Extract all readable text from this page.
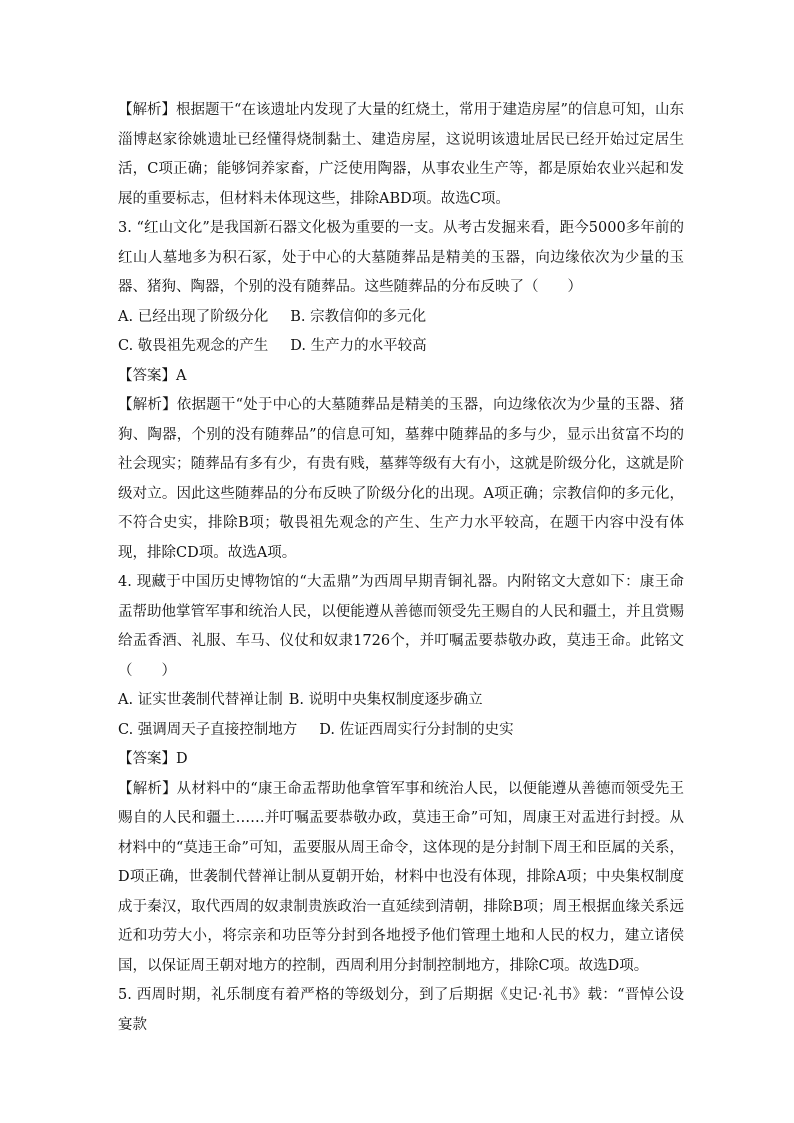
【解析】根据题干“在该遗址内发现了大量的红烧土，常用于建造房屋”的信息可知，山东淄博赵家徐姚遗址已经懂得烧制黏土、建造房屋，这说明该遗址居民已经开始过定居生活，C项正确；能够饲养家畜，广泛使用陶器，从事农业生产等，都是原始农业兴起和发展的重要标志，但材料未体现这些，排除ABD项。故选C项。

3. “红山文化”是我国新石器文化极为重要的一支。从考古发掘来看，距今5000多年前的红山人墓地多为积石冢，处于中心的大墓随葬品是精美的玉器，向边缘依次为少量的玉器、猪狗、陶器，个别的没有随葬品。这些随葬品的分布反映了（　　）

A. 已经出现了阶级分化 B. 宗教信仰的多元化
C. 敬畏祖先观念的产生 D. 生产力的水平较高

【答案】A

【解析】依据题干“处于中心的大墓随葬品是精美的玉器，向边缘依次为少量的玉器、猪狗、陶器，个别的没有随葬品”的信息可知，墓葬中随葬品的多与少，显示出贫富不均的社会现实；随葬品有多有少，有贵有贱，墓葬等级有大有小，这就是阶级分化，这就是阶级对立。因此这些随葬品的分布反映了阶级分化的出现。A项正确；宗教信仰的多元化，不符合史实，排除B项；敬畏祖先观念的产生、生产力水平较高，在题干内容中没有体现，排除CD项。故选A项。

4. 现藏于中国历史博物馆的“大盂鼎”为西周早期青铜礼器。内附铭文大意如下：康王命盂帮助他掌管军事和统治人民，以便能遵从善德而领受先王赐自的人民和疆土，并且赏赐给盂香酒、礼服、车马、仪仗和奴隶1726个，并叮嘱盂要恭敬办政，莫违王命。此铭文（　　）

A. 证实世袭制代替禅让制 B. 说明中央集权制度逐步确立
C. 强调周天子直接控制地方 D. 佐证西周实行分封制的史实

【答案】D

【解析】从材料中的“康王命盂帮助他拿管军事和统治人民，以便能遵从善德而领受先王赐自的人民和疆土……并叮嘱盂要恭敬办政，莫违王命”可知，周康王对盂进行封授。从材料中的“莫违王命”可知，盂要服从周王命令，这体现的是分封制下周王和臣属的关系，D项正确，世袭制代替禅让制从夏朝开始，材料中也没有体现，排除A项；中央集权制度成于秦汉，取代西周的奴隶制贵族政治一直延续到清朝，排除B项；周王根据血缘关系远近和功劳大小，将宗亲和功臣等分封到各地授予他们管理土地和人民的权力，建立诸侯国，以保证周王朝对地方的控制，西周利用分封制控制地方，排除C项。故选D项。

5. 西周时期，礼乐制度有着严格的等级划分，到了后期据《史记·礼书》载：“晋悼公设宴款
